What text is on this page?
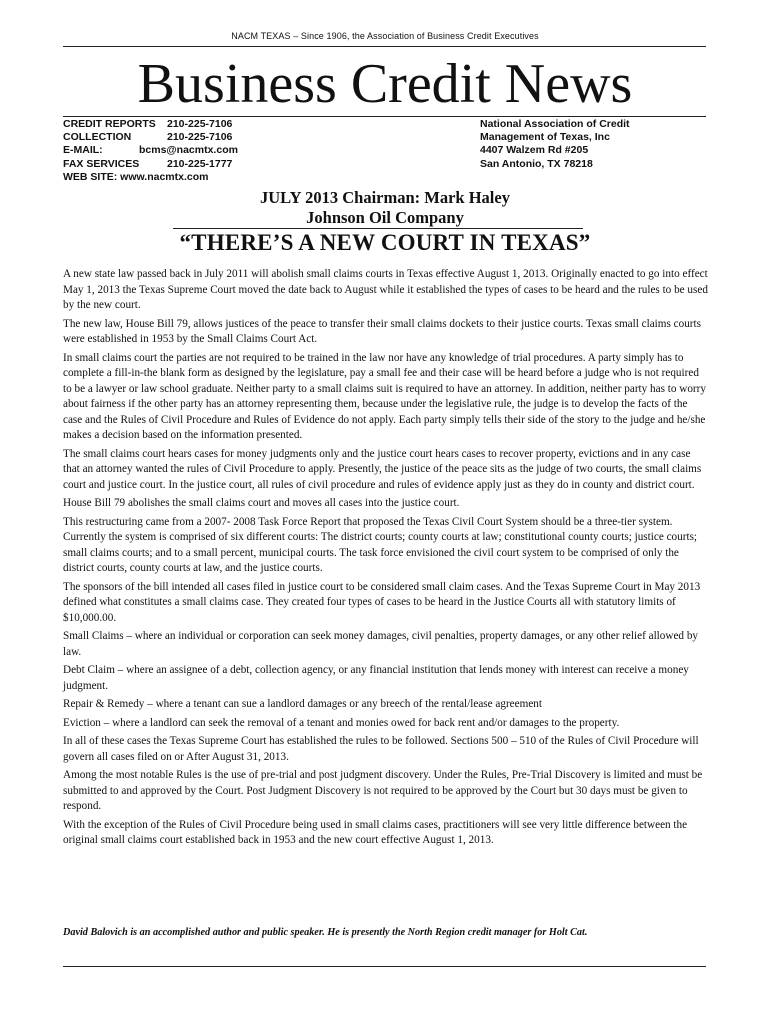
NACM TEXAS – Since 1906, the Association of Business Credit Executives
Business Credit News
CREDIT REPORTS 210-225-7106
COLLECTION	210-225-7106
E-MAIL:	bcms@nacmtx.com
FAX SERVICES	210-225-1777
WEB SITE: www.nacmtx.com
National Association of Credit
Management of Texas, Inc
4407 Walzem Rd #205
San Antonio, TX 78218
JULY 2013 Chairman: Mark Haley
Johnson Oil Company
“THERE’S A NEW COURT IN TEXAS”

A new state law passed back in July 2011 will abolish small claims courts in Texas effective August 1, 2013. Originally enacted to go into effect May 1, 2013 the Texas Supreme Court moved the date back to August while it established the types of cases to be heard and the rules to be used by the new court.

The new law, House Bill 79, allows justices of the peace to transfer their small claims dockets to their justice courts. Texas small claims courts were established in 1953 by the Small Claims Court Act.

In small claims court the parties are not required to be trained in the law nor have any knowledge of trial procedures. A party simply has to complete a fill-in-the blank form as designed by the legislature, pay a small fee and their case will be heard before a judge who is not required to be a lawyer or law school graduate. Neither party to a small claims suit is required to have an attorney. In addition, neither party has to worry about fairness if the other party has an attorney representing them, because under the legislative rule, the judge is to develop the facts of the case and the Rules of Civil Procedure and Rules of Evidence do not apply. Each party simply tells their side of the story to the judge and he/she makes a decision based on the information presented.

The small claims court hears cases for money judgments only and the justice court hears cases to recover property, evictions and in any case that an attorney wanted the rules of Civil Procedure to apply. Presently, the justice of the peace sits as the judge of two courts, the small claims court and justice court. In the justice court, all rules of civil procedure and rules of evidence apply just as they do in county and district court.

House Bill 79 abolishes the small claims court and moves all cases into the justice court.

This restructuring came from a 2007- 2008 Task Force Report that proposed the Texas Civil Court System should be a three-tier system. Currently the system is comprised of six different courts: The district courts; county courts at law; constitutional county courts; justice courts; small claims courts; and to a small percent, municipal courts. The task force envisioned the civil court system to be comprised of only the district courts, county courts at law, and the justice courts.

The sponsors of the bill intended all cases filed in justice court to be considered small claim cases. And the Texas Supreme Court in May 2013 defined what constitutes a small claims case. They created four types of cases to be heard in the Justice Courts all with statutory limits of $10,000.00.

Small Claims – where an individual or corporation can seek money damages, civil penalties, property damages, or any other relief allowed by law.

Debt Claim – where an assignee of a debt, collection agency, or any financial institution that lends money with interest can receive a money judgment.

Repair & Remedy – where a tenant can sue a landlord damages or any breech of the rental/lease agreement

Eviction – where a landlord can seek the removal of a tenant and monies owed for back rent and/or damages to the property.

In all of these cases the Texas Supreme Court has established the rules to be followed. Sections 500 – 510 of the Rules of Civil Procedure will govern all cases filed on or After August 31, 2013.

Among the most notable Rules is the use of pre-trial and post judgment discovery. Under the Rules, Pre-Trial Discovery is limited and must be submitted to and approved by the Court. Post Judgment Discovery is not required to be approved by the Court but 30 days must be given to respond.

With the exception of the Rules of Civil Procedure being used in small claims cases, practitioners will see very little difference between the original small claims court established back in 1953 and the new court effective August 1, 2013.

David Balovich is an accomplished author and public speaker. He is presently the North Region credit manager for Holt Cat.
